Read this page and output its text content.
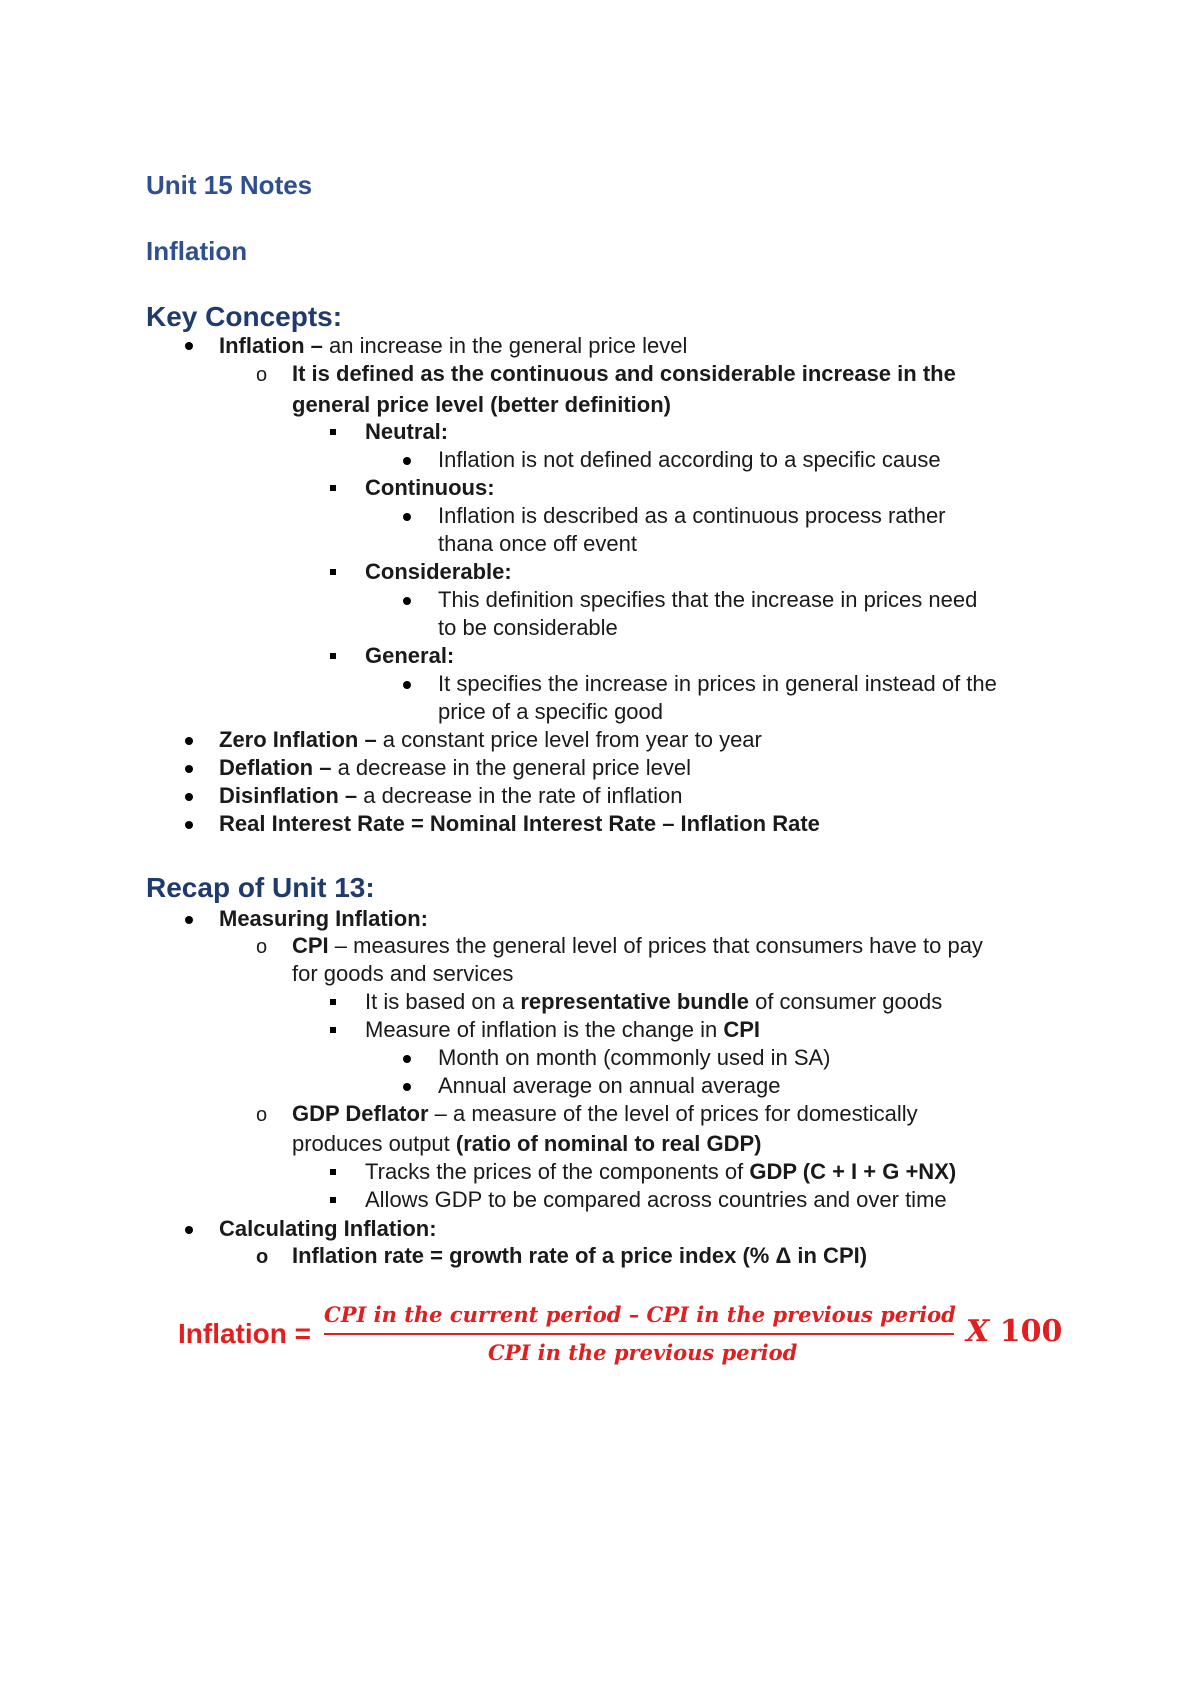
Unit 15 Notes
Inflation
Key Concepts:
Inflation – an increase in the general price level
o It is defined as the continuous and considerable increase in the
general price level (better definition)
Neutral:
Inflation is not defined according to a specific cause
Continuous:
Inflation is described as a continuous process rather
thana once off event
Considerable:
This definition specifies that the increase in prices need
to be considerable
General:
It specifies the increase in prices in general instead of the
price of a specific good
Zero Inflation – a constant price level from year to year
Deflation – a decrease in the general price level
Disinflation – a decrease in the rate of inflation
Real Interest Rate = Nominal Interest Rate – Inflation Rate
Recap of Unit 13:
Measuring Inflation:
o CPI – measures the general level of prices that consumers have to pay
for goods and services
It is based on a representative bundle of consumer goods
Measure of inflation is the change in CPI
Month on month (commonly used in SA)
Annual average on annual average
o GDP Deflator – a measure of the level of prices for domestically
produces output (ratio of nominal to real GDP)
Tracks the prices of the components of GDP (C + I + G +NX)
Allows GDP to be compared across countries and over time
Calculating Inflation:
o Inflation rate = growth rate of a price index (% Δ in CPI)
Inflation =
CPI in the current period – CPI in the previous period
CPI in the previous period
X 100
